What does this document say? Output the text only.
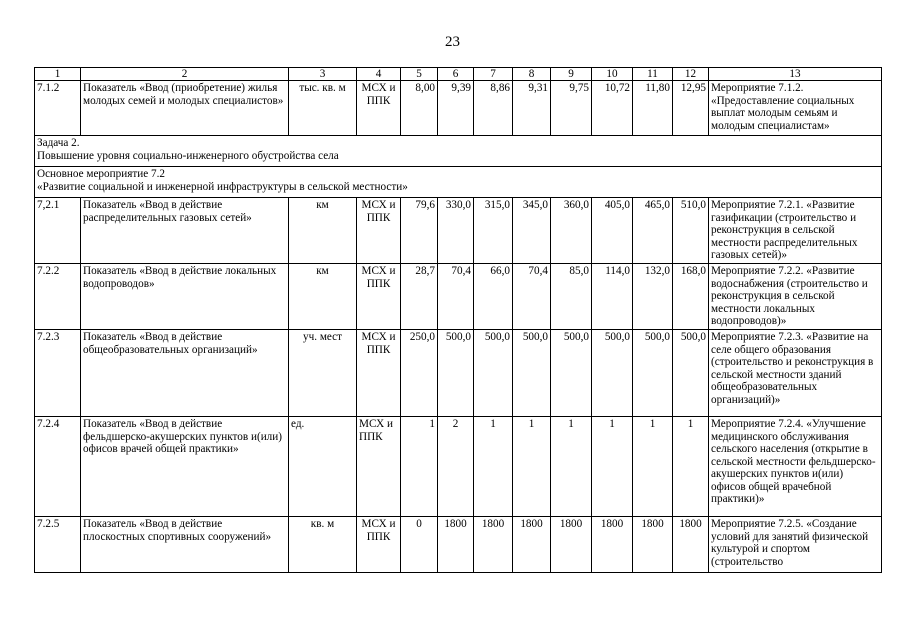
23
1	2	3	4	5	6	7	8	9	10	11	12	13
7.1.2	Показатель «Ввод (приобретение) жилья молодых семей и молодых специалистов»	тыс. кв. м	МСХ и ППК	8,00	9,39	8,86	9,31	9,75	10,72	11,80	12,95	Мероприятие 7.1.2. «Предоставление социальных выплат молодым семьям и молодым специалистам»

Задача 2.
Повышение уровня социально-инженерного обустройства села												

Основное мероприятие 7.2
«Развитие социальной и инженерной инфраструктуры в сельской местности»												

7,2.1	Показатель «Ввод в действие распределительных газовых сетей»	км	МСХ и ППК	79,6	330,0	315,0	345,0	360,0	405,0	465,0	510,0	Мероприятие 7.2.1. «Развитие газификации (строительство и реконструкция в сельской местности распределительных газовых сетей)»
7.2.2	Показатель «Ввод в действие локальных водопроводов»	км	МСХ и ППК	28,7	70,4	66,0	70,4	85,0	114,0	132,0	168,0	Мероприятие 7.2.2. «Развитие водоснабжения (строительство и реконструкция в сельской местности локальных водопроводов)»
7.2.3	Показатель «Ввод в действие общеобразовательных организаций»	уч. мест	МСХ и ППК	250,0	500,0	500,0	500,0	500,0	500,0	500,0	500,0	Мероприятие 7.2.3. «Развитие на селе общего образования (строительство и реконструкция в сельской местности зданий общеобразовательных организаций)»
7.2.4	Показатель «Ввод в действие фельдшерско-акушерских пунктов и(или) офисов врачей общей практики»	ед.	МСХ и ППК	1	2	1	1	1	1	1	1	Мероприятие 7.2.4. «Улучшение медицинского обслуживания сельского населения (открытие в сельской местности фельдшерско-акушерских пунктов и(или) офисов общей врачебной практики)»
7.2.5	Показатель «Ввод в действие плоскостных спортивных сооружений»	кв. м	МСХ и ППК	0	1800	1800	1800	1800	1800	1800	1800	Мероприятие 7.2.5. «Создание условий для занятий физической культурой и спортом (строительство
